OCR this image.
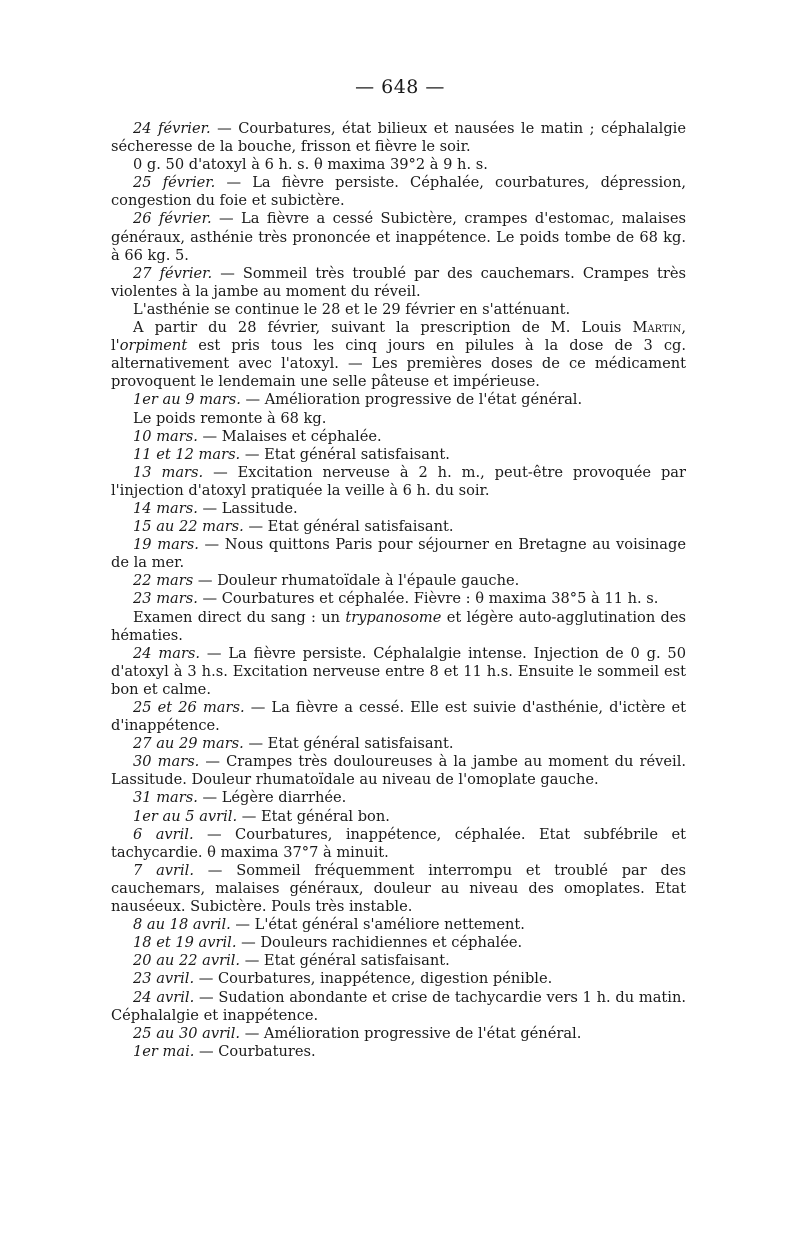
— 648 —

24 février. — Courbatures, état bilieux et nausées le matin ; céphalalgie sécheresse de la bouche, frisson et fièvre le soir.

0 g. 50 d'atoxyl à 6 h. s. θ maxima 39°2 à 9 h. s.

25 février. — La fièvre persiste. Céphalée, courbatures, dépression, congestion du foie et subictère.

26 février. — La fièvre a cessé Subictère, crampes d'estomac, malaises généraux, asthénie très prononcée et inappétence. Le poids tombe de 68 kg. à 66 kg. 5.

27 février. — Sommeil très troublé par des cauchemars. Crampes très violentes à la jambe au moment du réveil.

L'asthénie se continue le 28 et le 29 février en s'atténuant.

A partir du 28 février, suivant la prescription de M. Louis Martin, l'orpiment est pris tous les cinq jours en pilules à la dose de 3 cg. alternativement avec l'atoxyl. — Les premières doses de ce médicament provoquent le lendemain une selle pâteuse et impérieuse.

1er au 9 mars. — Amélioration progressive de l'état général.

Le poids remonte à 68 kg.

10 mars. — Malaises et céphalée.

11 et 12 mars. — Etat général satisfaisant.

13 mars. — Excitation nerveuse à 2 h. m., peut-être provoquée par l'injection d'atoxyl pratiquée la veille à 6 h. du soir.

14 mars. — Lassitude.

15 au 22 mars. — Etat général satisfaisant.

19 mars. — Nous quittons Paris pour séjourner en Bretagne au voisinage de la mer.

22 mars — Douleur rhumatoïdale à l'épaule gauche.

23 mars. — Courbatures et céphalée. Fièvre : θ maxima 38°5 à 11 h. s.

Examen direct du sang : un trypanosome et légère auto-agglutination des hématies.

24 mars. — La fièvre persiste. Céphalalgie intense. Injection de 0 g. 50 d'atoxyl à 3 h.s. Excitation nerveuse entre 8 et 11 h.s. Ensuite le sommeil est bon et calme.

25 et 26 mars. — La fièvre a cessé. Elle est suivie d'asthénie, d'ictère et d'inappétence.

27 au 29 mars. — Etat général satisfaisant.

30 mars. — Crampes très douloureuses à la jambe au moment du réveil. Lassitude. Douleur rhumatoïdale au niveau de l'omoplate gauche.

31 mars. — Légère diarrhée.

1er au 5 avril. — Etat général bon.

6 avril. — Courbatures, inappétence, céphalée. Etat subfébrile et tachycardie. θ maxima 37°7 à minuit.

7 avril. — Sommeil fréquemment interrompu et troublé par des cauchemars, malaises généraux, douleur au niveau des omoplates. Etat nauséeux. Subictère. Pouls très instable.

8 au 18 avril. — L'état général s'améliore nettement.

18 et 19 avril. — Douleurs rachidiennes et céphalée.

20 au 22 avril. — Etat général satisfaisant.

23 avril. — Courbatures, inappétence, digestion pénible.

24 avril. — Sudation abondante et crise de tachycardie vers 1 h. du matin. Céphalalgie et inappétence.

25 au 30 avril. — Amélioration progressive de l'état général.

1er mai. — Courbatures.
